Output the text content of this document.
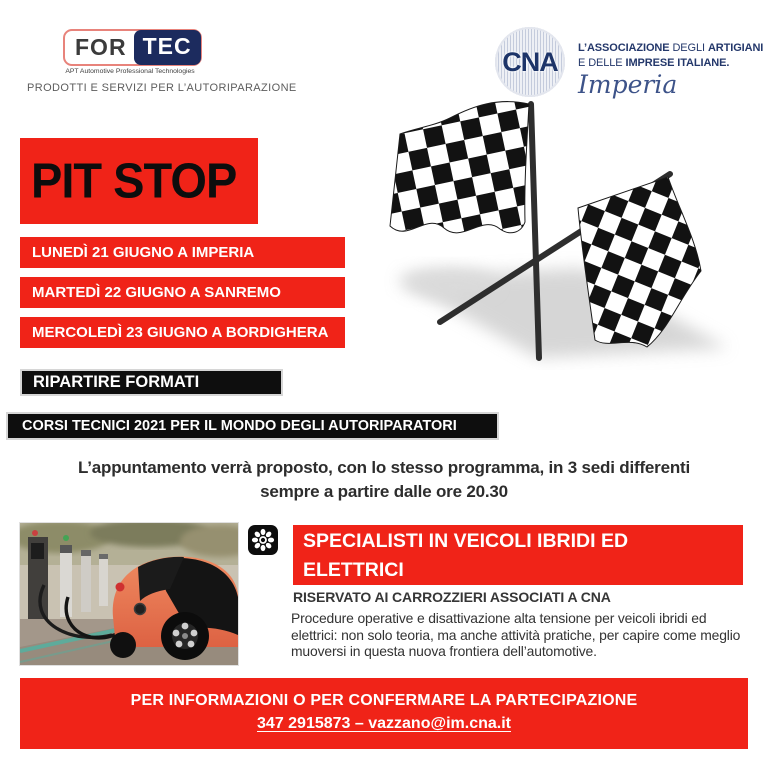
FOR TEC
APT Automotive Professional Technologies
PRODOTTI E SERVIZI PER L’AUTORIPARAZIONE
CNA L’ASSOCIAZIONE DEGLI ARTIGIANI
E DELLE IMPRESE ITALIANE.
Imperia
PIT STOP
LUNEDÌ 21 GIUGNO A IMPERIA
MARTEDÌ 22 GIUGNO A SANREMO
MERCOLEDÌ 23 GIUGNO A BORDIGHERA
RIPARTIRE FORMATI
CORSI TECNICI 2021 PER IL MONDO DEGLI AUTORIPARATORI
L’appuntamento verrà proposto, con lo stesso programma, in 3 sedi differenti
sempre a partire dalle ore 20.30
SPECIALISTI IN VEICOLI IBRIDI ED
ELETTRICI
RISERVATO AI CARROZZIERI ASSOCIATI A CNA
Procedure operative e disattivazione alta tensione per veicoli ibridi ed elettrici: non solo teoria, ma anche attività pratiche, per capire come meglio muoversi in questa nuova frontiera dell’automotive.
PER INFORMAZIONI O PER CONFERMARE LA PARTECIPAZIONE
347 2915873 – vazzano@im.cna.it
